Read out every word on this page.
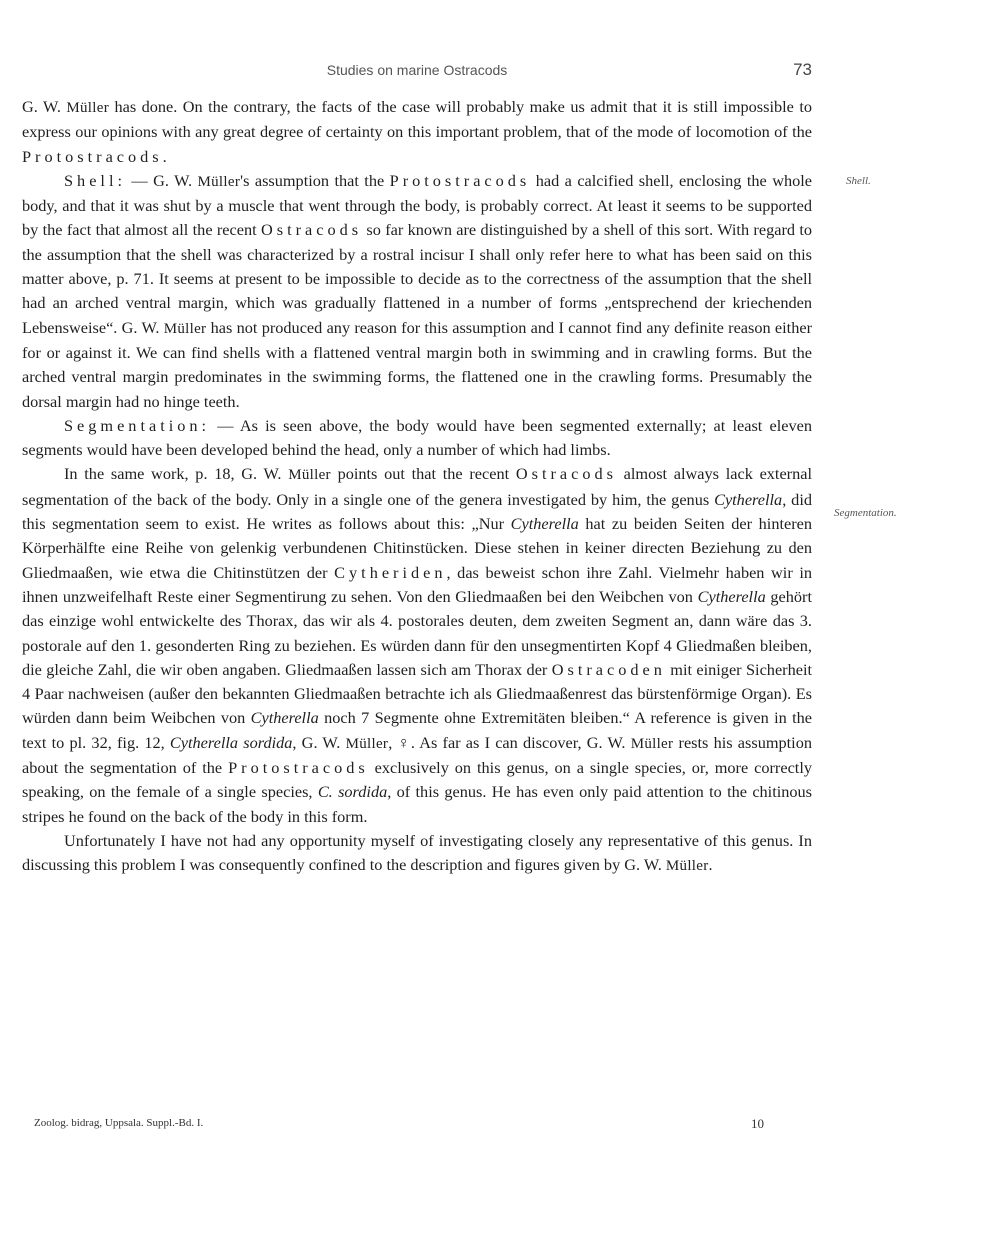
Studies on marine Ostracods	73
Shell.
Segmentation.

G. W. Müller has done. On the contrary, the facts of the case will probably make us admit that it is still impossible to express our opinions with any great degree of certainty on this important problem, that of the mode of locomotion of the Protostracods.

Shell: — G. W. Müller's assumption that the Protostracods had a calcified shell, enclosing the whole body, and that it was shut by a muscle that went through the body, is probably correct. At least it seems to be supported by the fact that almost all the recent Ostracods so far known are distinguished by a shell of this sort. With regard to the assumption that the shell was characterized by a rostral incisur I shall only refer here to what has been said on this matter above, p. 71. It seems at present to be impossible to decide as to the correctness of the assumption that the shell had an arched ventral margin, which was gradually flattened in a number of forms „entsprechend der kriechenden Lebensweise“. G. W. Müller has not produced any reason for this assumption and I cannot find any definite reason either for or against it. We can find shells with a flattened ventral margin both in swimming and in crawling forms. But the arched ventral margin predominates in the swimming forms, the flattened one in the crawling forms. Presumably the dorsal margin had no hinge teeth.

Segmentation: — As is seen above, the body would have been segmented externally; at least eleven segments would have been developed behind the head, only a number of which had limbs.

In the same work, p. 18, G. W. Müller points out that the recent Ostracods almost always lack external segmentation of the back of the body. Only in a single one of the genera investigated by him, the genus Cytherella, did this segmentation seem to exist. He writes as follows about this: „Nur Cytherella hat zu beiden Seiten der hinteren Körperhälfte eine Reihe von gelenkig verbundenen Chitinstücken. Diese stehen in keiner directen Beziehung zu den Gliedmaaßen, wie etwa die Chitinstützen der Cytheriden, das beweist schon ihre Zahl. Vielmehr haben wir in ihnen unzweifelhaft Reste einer Segmentirung zu sehen. Von den Gliedmaaßen bei den Weibchen von Cytherella gehört das einzige wohl entwickelte des Thorax, das wir als 4. postorales deuten, dem zweiten Segment an, dann wäre das 3. postorale auf den 1. gesonderten Ring zu beziehen. Es würden dann für den unsegmentirten Kopf 4 Gliedmaßen bleiben, die gleiche Zahl, die wir oben angaben. Gliedmaaßen lassen sich am Thorax der Ostracoden mit einiger Sicherheit 4 Paar nachweisen (außer den bekannten Gliedmaaßen betrachte ich als Gliedmaaßenrest das bürstenförmige Organ). Es würden dann beim Weibchen von Cytherella noch 7 Segmente ohne Extremitäten bleiben.“ A reference is given in the text to pl. 32, fig. 12, Cytherella sordida, G. W. Müller, ♀. As far as I can discover, G. W. Müller rests his assumption about the segmentation of the Protostracods exclusively on this genus, on a single species, or, more correctly speaking, on the female of a single species, C. sordida, of this genus. He has even only paid attention to the chitinous stripes he found on the back of the body in this form.

Unfortunately I have not had any opportunity myself of investigating closely any representative of this genus. In discussing this problem I was consequently confined to the description and figures given by G. W. Müller.

Zoolog. bidrag, Uppsala. Suppl.-Bd. I.	10
